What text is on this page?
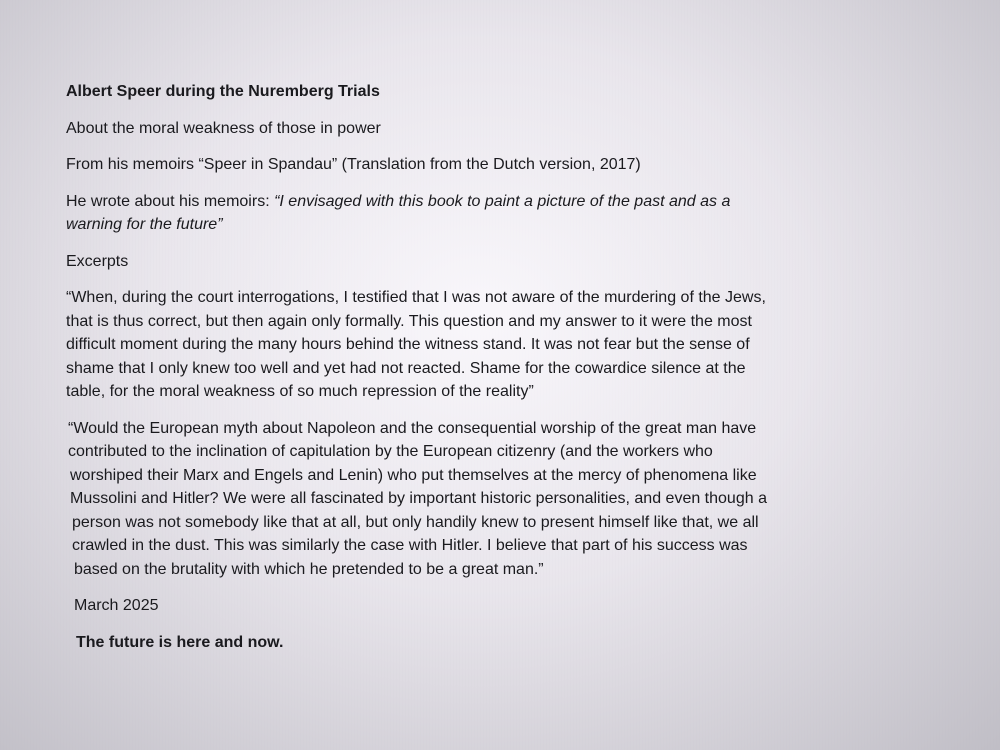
Albert Speer during the Nuremberg Trials

About the moral weakness of those in power

From his memoirs “Speer in Spandau” (Translation from the Dutch version, 2017)

He wrote about his memoirs: “I envisaged with this book to paint a picture of the past and as a

warning for the future”

Excerpts

“When, during the court interrogations, I testified that I was not aware of the murdering of the Jews,

that is thus correct, but then again only formally. This question and my answer to it were the most

difficult moment during the many hours behind the witness stand. It was not fear but the sense of

shame that I only knew too well and yet had not reacted. Shame for the cowardice silence at the

table, for the moral weakness of so much repression of the reality”

“Would the European myth about Napoleon and the consequential worship of the great man have

contributed to the inclination of capitulation by the European citizenry (and the workers who

worshiped their Marx and Engels and Lenin) who put themselves at the mercy of phenomena like

Mussolini and Hitler? We were all fascinated by important historic personalities, and even though a

person was not somebody like that at all, but only handily knew to present himself like that, we all

crawled in the dust. This was similarly the case with Hitler. I believe that part of his success was

based on the brutality with which he pretended to be a great man.”

March 2025

The future is here and now.
